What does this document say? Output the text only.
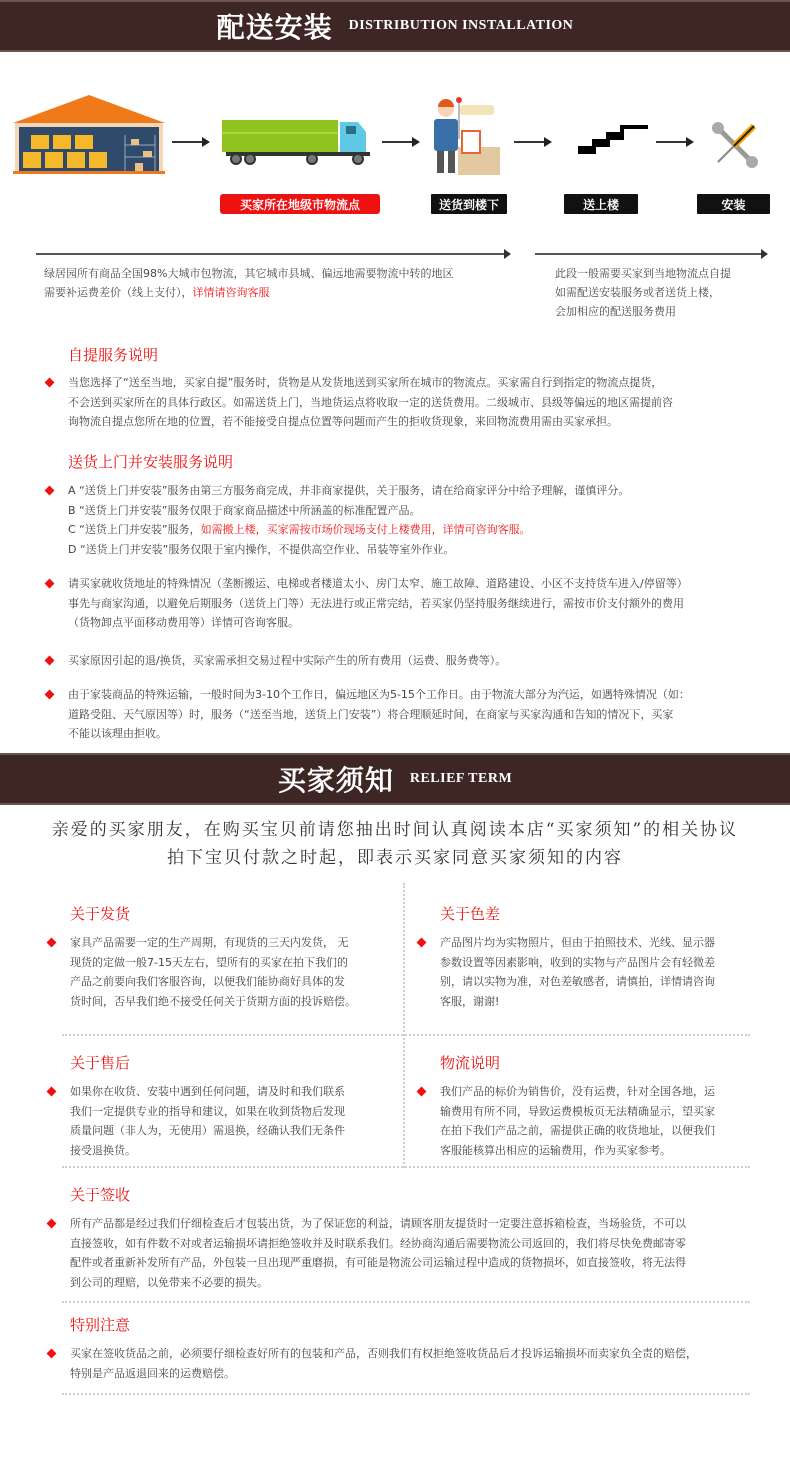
配送安装 DISTRIBUTION INSTALLATION
买家所在地级市物流点	送货到楼下	送上楼	安装
绿居园所有商品全国98%大城市包物流，其它城市县城、偏远地需要物流中转的地区
需要补运费差价（线上支付），详情请咨询客服
此段一般需要买家到当地物流点自提
如需配送安装服务或者送货上楼，
会加相应的配送服务费用
自提服务说明
当您选择了“送至当地，买家自提”服务时，货物是从发货地送到买家所在城市的物流点。买家需自行到指定的物流点提货，
不会送到买家所在的具体行政区。如需送货上门，当地货运点将收取一定的送货费用。二级城市、县级等偏远的地区需提前咨
询物流自提点您所在地的位置，若不能接受自提点位置等问题而产生的拒收货现象，来回物流费用需由买家承担。
送货上门并安装服务说明
A “送货上门并安装”服务由第三方服务商完成，并非商家提供，关于服务，请在给商家评分中给予理解，谨慎评分。
B “送货上门并安装”服务仅限于商家商品描述中所涵盖的标准配置产品。
C “送货上门并安装”服务，如需搬上楼，买家需按市场价现场支付上楼费用，详情可咨询客服。
D “送货上门并安装”服务仅限于室内操作，不提供高空作业、吊装等室外作业。
请买家就收货地址的特殊情况（垄断搬运、电梯或者楼道太小、房门太窄、施工故障、道路建设、小区不支持货车进入/停留等）
事先与商家沟通，以避免后期服务（送货上门等）无法进行或正常完结，若买家仍坚持服务继续进行，需按市价支付额外的费用
（货物卸点平面移动费用等）详情可咨询客服。
买家原因引起的退/换货，买家需承担交易过程中实际产生的所有费用（运费、服务费等）。
由于家装商品的特殊运输，一般时间为3-10个工作日，偏远地区为5-15个工作日。由于物流大部分为汽运，如遇特殊情况（如：
道路受阻、天气原因等）时，服务（“送至当地，送货上门安装”）将合理顺延时间，在商家与买家沟通和告知的情况下，买家
不能以该理由拒收。
买家须知 RELIEF TERM
亲爱的买家朋友，在购买宝贝前请您抽出时间认真阅读本店“买家须知”的相关协议
拍下宝贝付款之时起，即表示买家同意买家须知的内容
关于发货
家具产品需要一定的生产周期，有现货的三天内发货， 无
现货的定做一般7-15天左右，望所有的买家在拍下我们的
产品之前要向我们客服咨询，以便我们能协商好具体的发
货时间，否早我们绝不接受任何关于货期方面的投诉赔偿。
关于色差
产品图片均为实物照片，但由于拍照技术、光线、显示器
参数设置等因素影响，收到的实物与产品图片会有轻微差
别，请以实物为准，对色差敏感者，请慎拍，详情请咨询
客服，谢谢!
关于售后
如果你在收货、安装中遇到任何问题，请及时和我们联系
我们一定提供专业的指导和建议，如果在收到货物后发现
质量问题（非人为，无使用）需退换，经确认我们无条件
接受退换货。
物流说明
我们产品的标价为销售价，没有运费，针对全国各地，运
输费用有所不同，导致运费模板页无法精确显示，望买家
在拍下我们产品之前，需提供正确的收货地址，以便我们
客服能核算出相应的运输费用，作为买家参考。
关于签收
所有产品都是经过我们仔细检查后才包装出货，为了保证您的利益，请顾客朋友提货时一定要注意拆箱检查，当场验货，不可以
直接签收，如有件数不对或者运输损坏请拒绝签收并及时联系我们。经协商沟通后需要物流公司返回的，我们将尽快免费邮寄零
配件或者重新补发所有产品，外包装一旦出现严重磨损，有可能是物流公司运输过程中造成的货物损坏，如直接签收，将无法得
到公司的理赔，以免带来不必要的损失。
特别注意
买家在签收货品之前，必须要仔细检查好所有的包装和产品，否则我们有权拒绝签收货品后才投诉运输损坏而卖家负全责的赔偿，
特别是产品返退回来的运费赔偿。
